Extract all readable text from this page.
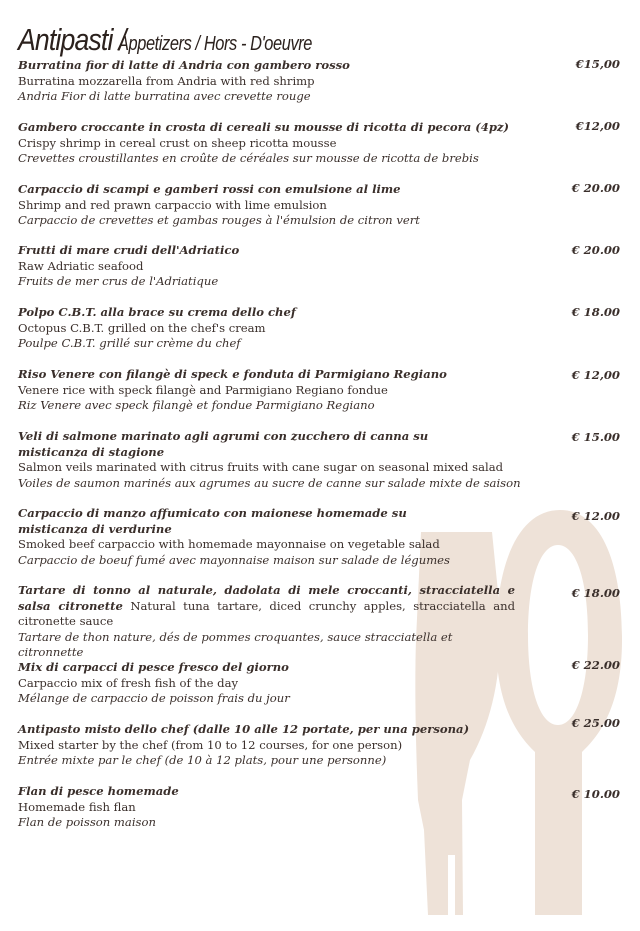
Antipasti / Appetizers / Hors - D'oeuvre
Burratina fior di latte di Andria con gambero rosso
Burratina mozzarella from Andria with red shrimp
Andria Fior di latte burratina avec crevette rouge
€15,00
Gambero croccante in crosta di cereali su mousse di ricotta di pecora (4pz)
Crispy shrimp in cereal crust on sheep ricotta mousse
Crevettes croustillantes en croûte de céréales sur mousse de ricotta de brebis
€12,00
Carpaccio di scampi e gamberi rossi con emulsione al lime
Shrimp and red prawn carpaccio with lime emulsion
Carpaccio de crevettes et gambas rouges à l'émulsion de citron vert
€ 20.00
Frutti di mare crudi dell'Adriatico
Raw Adriatic seafood
Fruits de mer crus de l'Adriatique
€ 20.00
Polpo C.B.T. alla brace su crema dello chef
Octopus C.B.T. grilled on the chef's cream
Poulpe C.B.T. grillé sur crème du chef
€ 18.00
Riso Venere con filangè di speck e fonduta di Parmigiano Regiano
Venere rice with speck filangè and Parmigiano Regiano fondue
Riz Venere avec speck filangè et fondue Parmigiano Regiano
€ 12,00
Veli di salmone marinato agli agrumi con zucchero di canna su misticanza di stagione
Salmon veils marinated with citrus fruits with cane sugar on seasonal mixed salad
Voiles de saumon marinés aux agrumes au sucre de canne sur salade mixte de saison
€ 15.00
Carpaccio di manzo affumicato con maionese homemade su misticanza di verdurine
Smoked beef carpaccio with homemade mayonnaise on vegetable salad
Carpaccio de boeuf fumé avec mayonnaise maison sur salade de légumes
€ 12.00
Tartare di tonno al naturale, dadolata di mele croccanti, stracciatella e salsa citronette Natural tuna tartare, diced crunchy apples, stracciatella and citronette sauce
Tartare de thon nature, dés de pommes croquantes, sauce stracciatella et citronnette
€ 18.00
Mix di carpacci di pesce fresco del giorno
Carpaccio mix of fresh fish of the day
Mélange de carpaccio de poisson frais du jour
€ 22.00
Antipasto misto dello chef (dalle 10 alle 12 portate, per una persona)
Mixed starter by the chef (from 10 to 12 courses, for one person)
Entrée mixte par le chef (de 10 à 12 plats, pour une personne)
€ 25.00
Flan di pesce homemade
Homemade fish flan
Flan de poisson maison
€ 10.00
